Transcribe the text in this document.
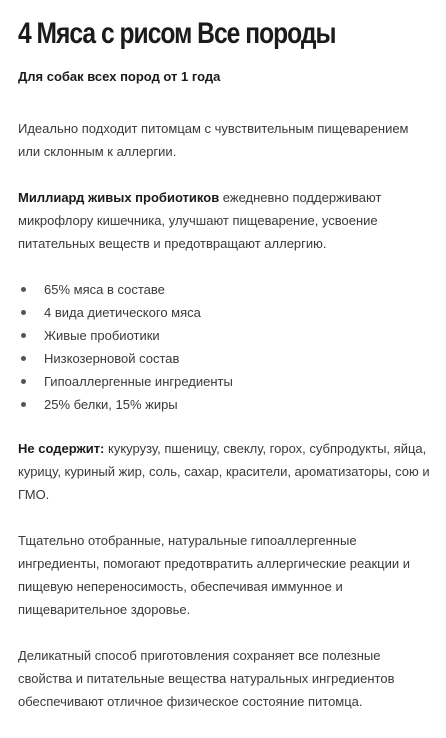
4 Мяса с рисом Все породы
Для собак всех пород от 1 года

Идеально подходит питомцам с чувствительным пищеварением или склонным к аллергии.

Миллиард живых пробиотиков ежедневно поддерживают микрофлору кишечника, улучшают пищеварение, усвоение питательных веществ и предотвращают аллергию.

65% мяса в составе
4 вида диетического мяса
Живые пробиотики
Низкозерновой состав
Гипоаллергенные ингредиенты
25% белки, 15% жиры

Не содержит: кукурузу, пшеницу, свеклу, горох, субпродукты, яйца, курицу, куриный жир, соль, сахар, красители, ароматизаторы, сою и ГМО.

Тщательно отобранные, натуральные гипоаллергенные ингредиенты, помогают предотвратить аллергические реакции и пищевую непереносимость, обеспечивая иммунное и пищеварительное здоровье.

Деликатный способ приготовления сохраняет все полезные свойства и питательные вещества натуральных ингредиентов обеспечивают отличное физическое состояние питомца.
